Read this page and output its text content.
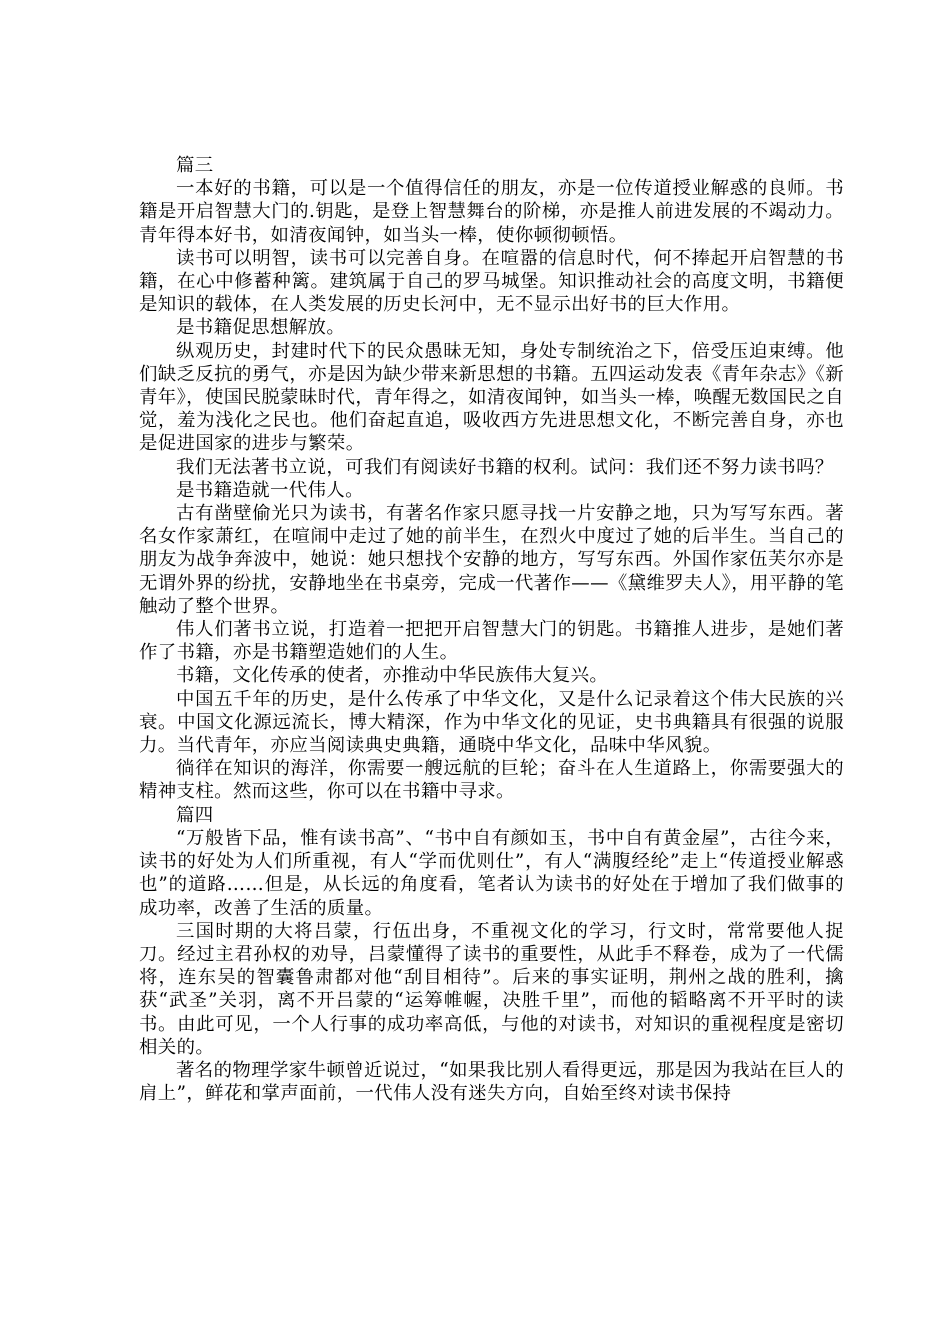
篇三

一本好的书籍，可以是一个值得信任的朋友，亦是一位传道授业解惑的良师。书籍是开启智慧大门的.钥匙，是登上智慧舞台的阶梯，亦是推人前进发展的不竭动力。青年得本好书，如清夜闻钟，如当头一棒，使你顿彻顿悟。

读书可以明智，读书可以完善自身。在喧嚣的信息时代，何不捧起开启智慧的书籍，在心中修蓄种篱。建筑属于自己的罗马城堡。知识推动社会的高度文明，书籍便是知识的载体，在人类发展的历史长河中，无不显示出好书的巨大作用。

是书籍促思想解放。

纵观历史，封建时代下的民众愚昧无知，身处专制统治之下，倍受压迫束缚。他们缺乏反抗的勇气，亦是因为缺少带来新思想的书籍。五四运动发表《青年杂志》《新青年》，使国民脱蒙昧时代，青年得之，如清夜闻钟，如当头一棒，唤醒无数国民之自觉，羞为浅化之民也。他们奋起直追，吸收西方先进思想文化，不断完善自身，亦也是促进国家的进步与繁荣。

我们无法著书立说，可我们有阅读好书籍的权利。试问：我们还不努力读书吗？

是书籍造就一代伟人。

古有凿壁偷光只为读书，有著名作家只愿寻找一片安静之地，只为写写东西。著名女作家萧红，在喧闹中走过了她的前半生，在烈火中度过了她的后半生。当自己的朋友为战争奔波中，她说：她只想找个安静的地方，写写东西。外国作家伍芙尔亦是无谓外界的纷扰，安静地坐在书桌旁，完成一代著作——《黛维罗夫人》，用平静的笔触动了整个世界。

伟人们著书立说，打造着一把把开启智慧大门的钥匙。书籍推人进步，是她们著作了书籍，亦是书籍塑造她们的人生。

书籍，文化传承的使者，亦推动中华民族伟大复兴。

中国五千年的历史，是什么传承了中华文化，又是什么记录着这个伟大民族的兴衰。中国文化源远流长，博大精深，作为中华文化的见证，史书典籍具有很强的说服力。当代青年，亦应当阅读典史典籍，通晓中华文化，品味中华风貌。

徜徉在知识的海洋，你需要一艘远航的巨轮；奋斗在人生道路上，你需要强大的精神支柱。然而这些，你可以在书籍中寻求。

篇四

“万般皆下品，惟有读书高”、“书中自有颜如玉，书中自有黄金屋”，古往今来，读书的好处为人们所重视，有人“学而优则仕”，有人“满腹经纶”走上“传道授业解惑也”的道路……但是，从长远的角度看，笔者认为读书的好处在于增加了我们做事的成功率，改善了生活的质量。

三国时期的大将吕蒙，行伍出身，不重视文化的学习，行文时，常常要他人捉刀。经过主君孙权的劝导，吕蒙懂得了读书的重要性，从此手不释卷，成为了一代儒将，连东吴的智囊鲁肃都对他“刮目相待”。后来的事实证明，荆州之战的胜利，擒获“武圣”关羽，离不开吕蒙的“运筹帷幄，决胜千里”，而他的韬略离不开平时的读书。由此可见，一个人行事的成功率高低，与他的对读书，对知识的重视程度是密切相关的。

著名的物理学家牛顿曾近说过，“如果我比别人看得更远，那是因为我站在巨人的肩上”，鲜花和掌声面前，一代伟人没有迷失方向，自始至终对读书保持
